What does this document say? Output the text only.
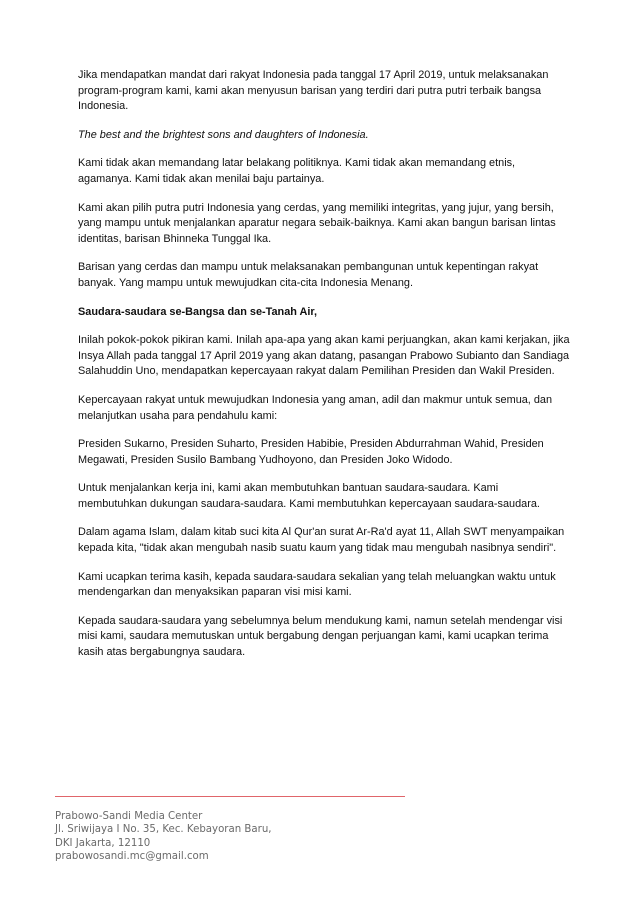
Jika mendapatkan mandat dari rakyat Indonesia pada tanggal 17 April 2019, untuk melaksanakan program-program kami, kami akan menyusun barisan yang terdiri dari putra putri terbaik bangsa Indonesia.

The best and the brightest sons and daughters of Indonesia.

Kami tidak akan memandang latar belakang politiknya. Kami tidak akan memandang etnis, agamanya. Kami tidak akan menilai baju partainya.

Kami akan pilih putra putri Indonesia yang cerdas, yang memiliki integritas, yang jujur, yang bersih, yang mampu untuk menjalankan aparatur negara sebaik-baiknya. Kami akan bangun barisan lintas identitas, barisan Bhinneka Tunggal Ika.

Barisan yang cerdas dan mampu untuk melaksanakan pembangunan untuk kepentingan rakyat banyak. Yang mampu untuk mewujudkan cita-cita Indonesia Menang.

Saudara-saudara se-Bangsa dan se-Tanah Air,

Inilah pokok-pokok pikiran kami. Inilah apa-apa yang akan kami perjuangkan, akan kami kerjakan, jika Insya Allah pada tanggal 17 April 2019 yang akan datang, pasangan Prabowo Subianto dan Sandiaga Salahuddin Uno, mendapatkan kepercayaan rakyat dalam Pemilihan Presiden dan Wakil Presiden.

Kepercayaan rakyat untuk mewujudkan Indonesia yang aman, adil dan makmur untuk semua, dan melanjutkan usaha para pendahulu kami:

Presiden Sukarno, Presiden Suharto, Presiden Habibie, Presiden Abdurrahman Wahid, Presiden Megawati, Presiden Susilo Bambang Yudhoyono, dan Presiden Joko Widodo.

Untuk menjalankan kerja ini, kami akan membutuhkan bantuan saudara-saudara. Kami membutuhkan dukungan saudara-saudara. Kami membutuhkan kepercayaan saudara-saudara.

Dalam agama Islam, dalam kitab suci kita Al Qur'an surat Ar-Ra'd ayat 11, Allah SWT menyampaikan kepada kita, "tidak akan mengubah nasib suatu kaum yang tidak mau mengubah nasibnya sendiri".

Kami ucapkan terima kasih, kepada saudara-saudara sekalian yang telah meluangkan waktu untuk mendengarkan dan menyaksikan paparan visi misi kami.

Kepada saudara-saudara yang sebelumnya belum mendukung kami, namun setelah mendengar visi misi kami, saudara memutuskan untuk bergabung dengan perjuangan kami, kami ucapkan terima kasih atas bergabungnya saudara.

Prabowo-Sandi Media Center
Jl. Sriwijaya I No. 35, Kec. Kebayoran Baru,
DKI Jakarta, 12110
prabowosandi.mc@gmail.com
